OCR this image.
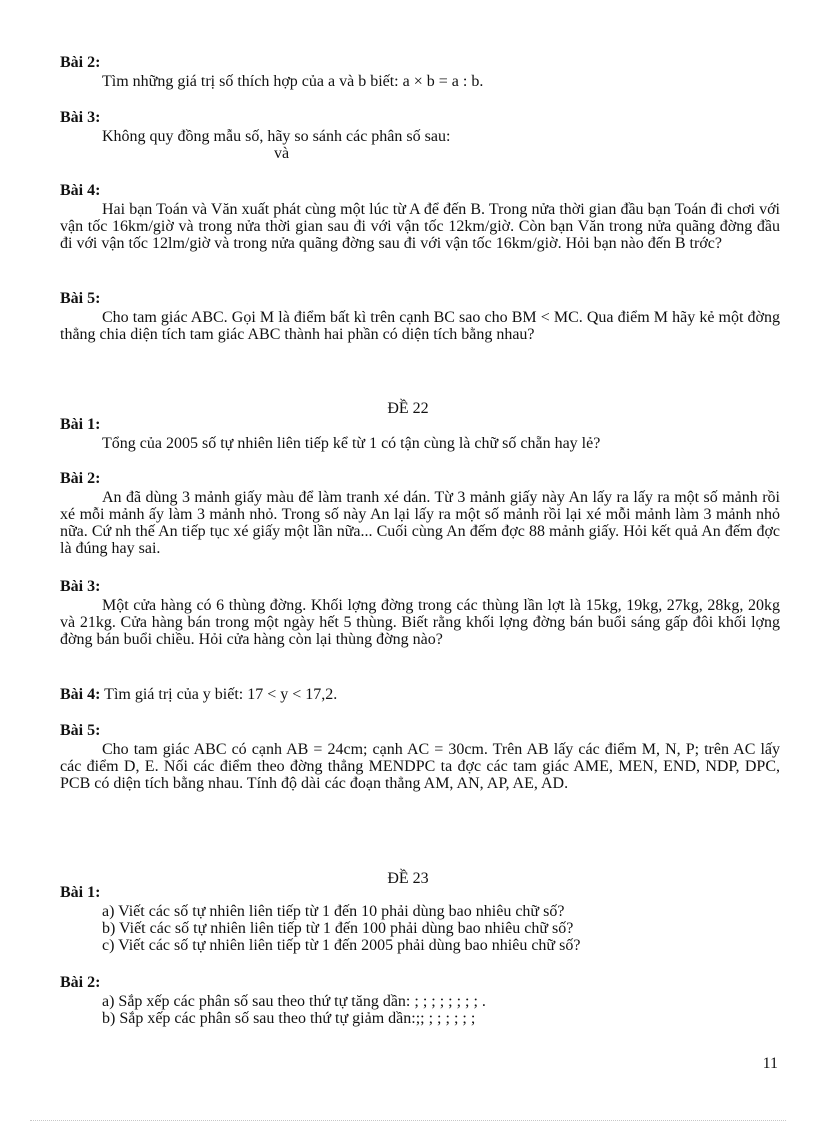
Bài 2:

Tìm những giá trị số thích hợp của a và b biết: a × b = a : b.

Bài 3:

Không quy đồng mẫu số, hãy so sánh các phân số sau:

và

Bài 4:

Hai bạn Toán và Văn xuất phát cùng một lúc từ A để đến B. Trong nửa thời gian đầu bạn Toán đi chơi với vận tốc 16km/giờ và trong nửa thời gian sau đi với vận tốc 12km/giờ. Còn bạn Văn trong nửa quãng đờng đầu đi với vận tốc 12lm/giờ và trong nửa quãng đờng sau đi với vận tốc 16km/giờ. Hỏi bạn nào đến B trớc?

Bài 5:

Cho tam giác ABC. Gọi M là điểm bất kì trên cạnh BC sao cho BM < MC. Qua điểm M hãy kẻ một đờng thẳng chia diện tích tam giác ABC thành hai phần có diện tích bằng nhau?

ĐỀ 22
Bài 1:

Tổng của 2005 số tự nhiên liên tiếp kể từ 1 có tận cùng là chữ số chẵn hay lẻ?

Bài 2:

An đã dùng 3 mảnh giấy màu để làm tranh xé dán. Từ 3 mảnh giấy này An lấy ra lấy ra một số mảnh rồi xé mỗi mảnh ấy làm 3 mảnh nhỏ. Trong số này An lại lấy ra một số mảnh rồi lại xé mỗi mảnh làm 3 mảnh nhỏ nữa. Cứ nh thế An tiếp tục xé giấy một lần nữa... Cuối cùng An đếm đợc 88 mảnh giấy. Hỏi kết quả An đếm đợc là đúng hay sai.

Bài 3:

Một cửa hàng có 6 thùng đờng. Khối lợng đờng trong các thùng lần lợt là 15kg, 19kg, 27kg, 28kg, 20kg và 21kg. Cửa hàng bán trong một ngày hết 5 thùng. Biết rằng khối lợng đờng bán buổi sáng gấp đôi khối lợng đờng bán buổi chiều. Hỏi cửa hàng còn lại thùng đờng nào?

Bài 4: Tìm giá trị của y biết: 17 < y < 17,2.

Bài 5:

Cho tam giác ABC có cạnh AB = 24cm; cạnh AC = 30cm. Trên AB lấy các điểm M, N, P; trên AC lấy các điểm D, E. Nối các điểm theo đờng thẳng MENDPC ta đợc các tam giác AME, MEN, END, NDP, DPC, PCB có diện tích bằng nhau. Tính độ dài các đoạn thẳng AM, AN, AP, AE, AD.

ĐỀ 23
Bài 1:

a) Viết các số tự nhiên liên tiếp từ 1 đến 10 phải dùng bao nhiêu chữ số?

b) Viết các số tự nhiên liên tiếp từ 1 đến 100 phải dùng bao nhiêu chữ số?

c) Viết các số tự nhiên liên tiếp từ 1 đến 2005 phải dùng bao nhiêu chữ số?

Bài 2:

a) Sắp xếp các phân số sau theo thứ tự tăng dần: ; ; ; ; ; ; ; ; .

b) Sắp xếp các phân số sau theo thứ tự giảm dần:;; ; ; ; ; ; ;

11
